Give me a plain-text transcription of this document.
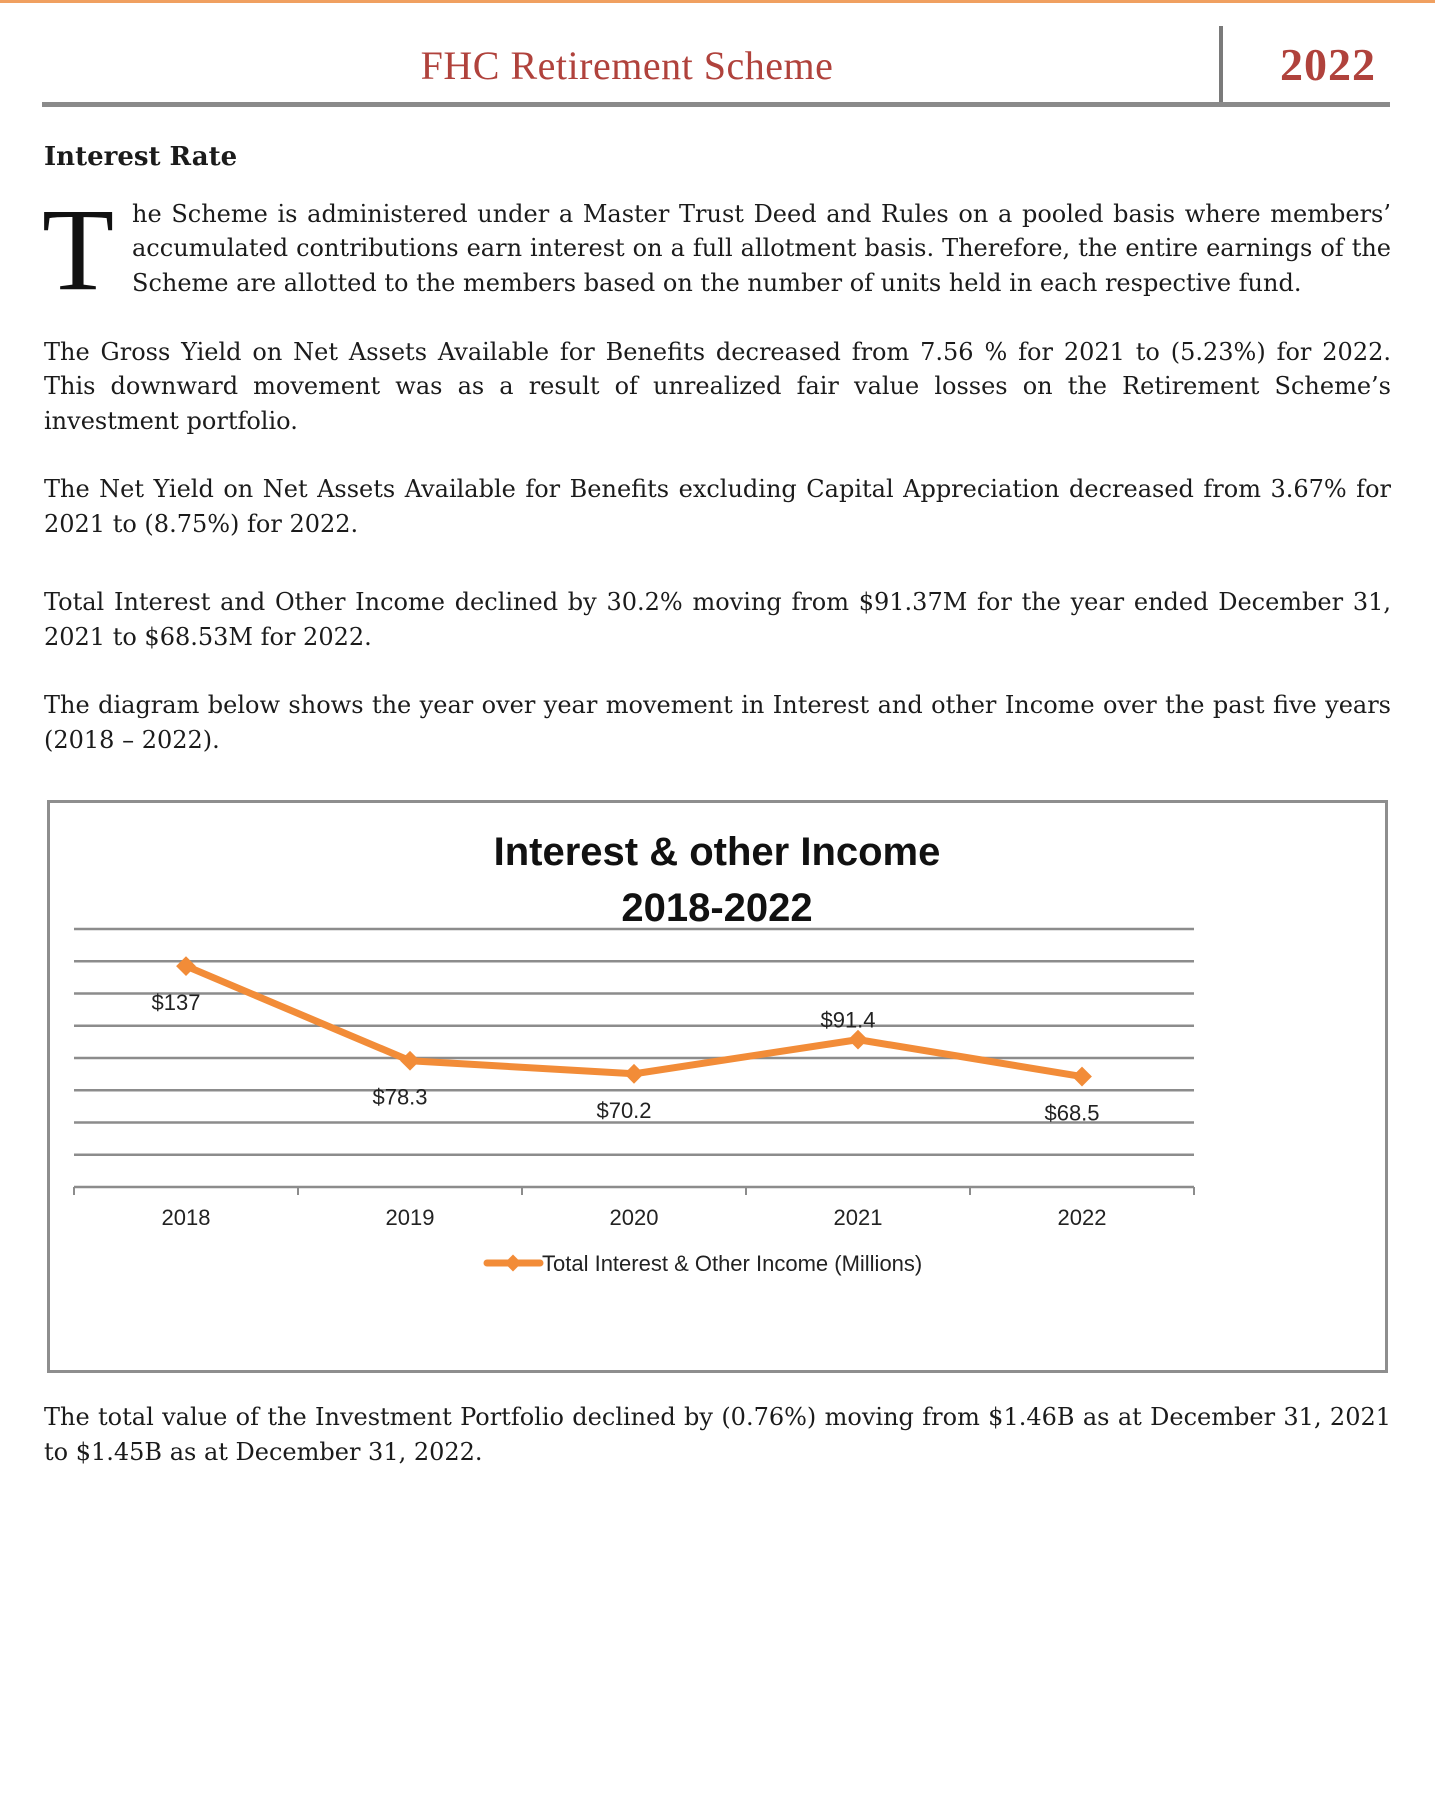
FHC Retirement Scheme	2022
Interest Rate
T he Scheme is administered under a Master Trust Deed and Rules on a pooled basis where members’ accumulated contributions earn interest on a full allotment basis. Therefore, the entire earnings of the Scheme are allotted to the members based on the number of units held in each respective fund.

The Gross Yield on Net Assets Available for Benefits decreased from 7.56 % for 2021 to (5.23%) for 2022. This downward movement was as a result of unrealized fair value losses on the Retirement Scheme’s investment portfolio.

The Net Yield on Net Assets Available for Benefits excluding Capital Appreciation decreased from 3.67% for 2021 to (8.75%) for 2022.

Total Interest and Other Income declined by 30.2% moving from $91.37M for the year ended December 31, 2021 to $68.53M for 2022.

The diagram below shows the year over year movement in Interest and other Income over the past five years (2018 – 2022).

Interest & other Income
2018-2022
2018	2019	2020	2021	2022
$137
$78.3
$70.2
$91.4
$68.5
Total Interest & Other Income (Millions)
The total value of the Investment Portfolio declined by (0.76%) moving from $1.46B as at December 31, 2021 to $1.45B as at December 31, 2022.
